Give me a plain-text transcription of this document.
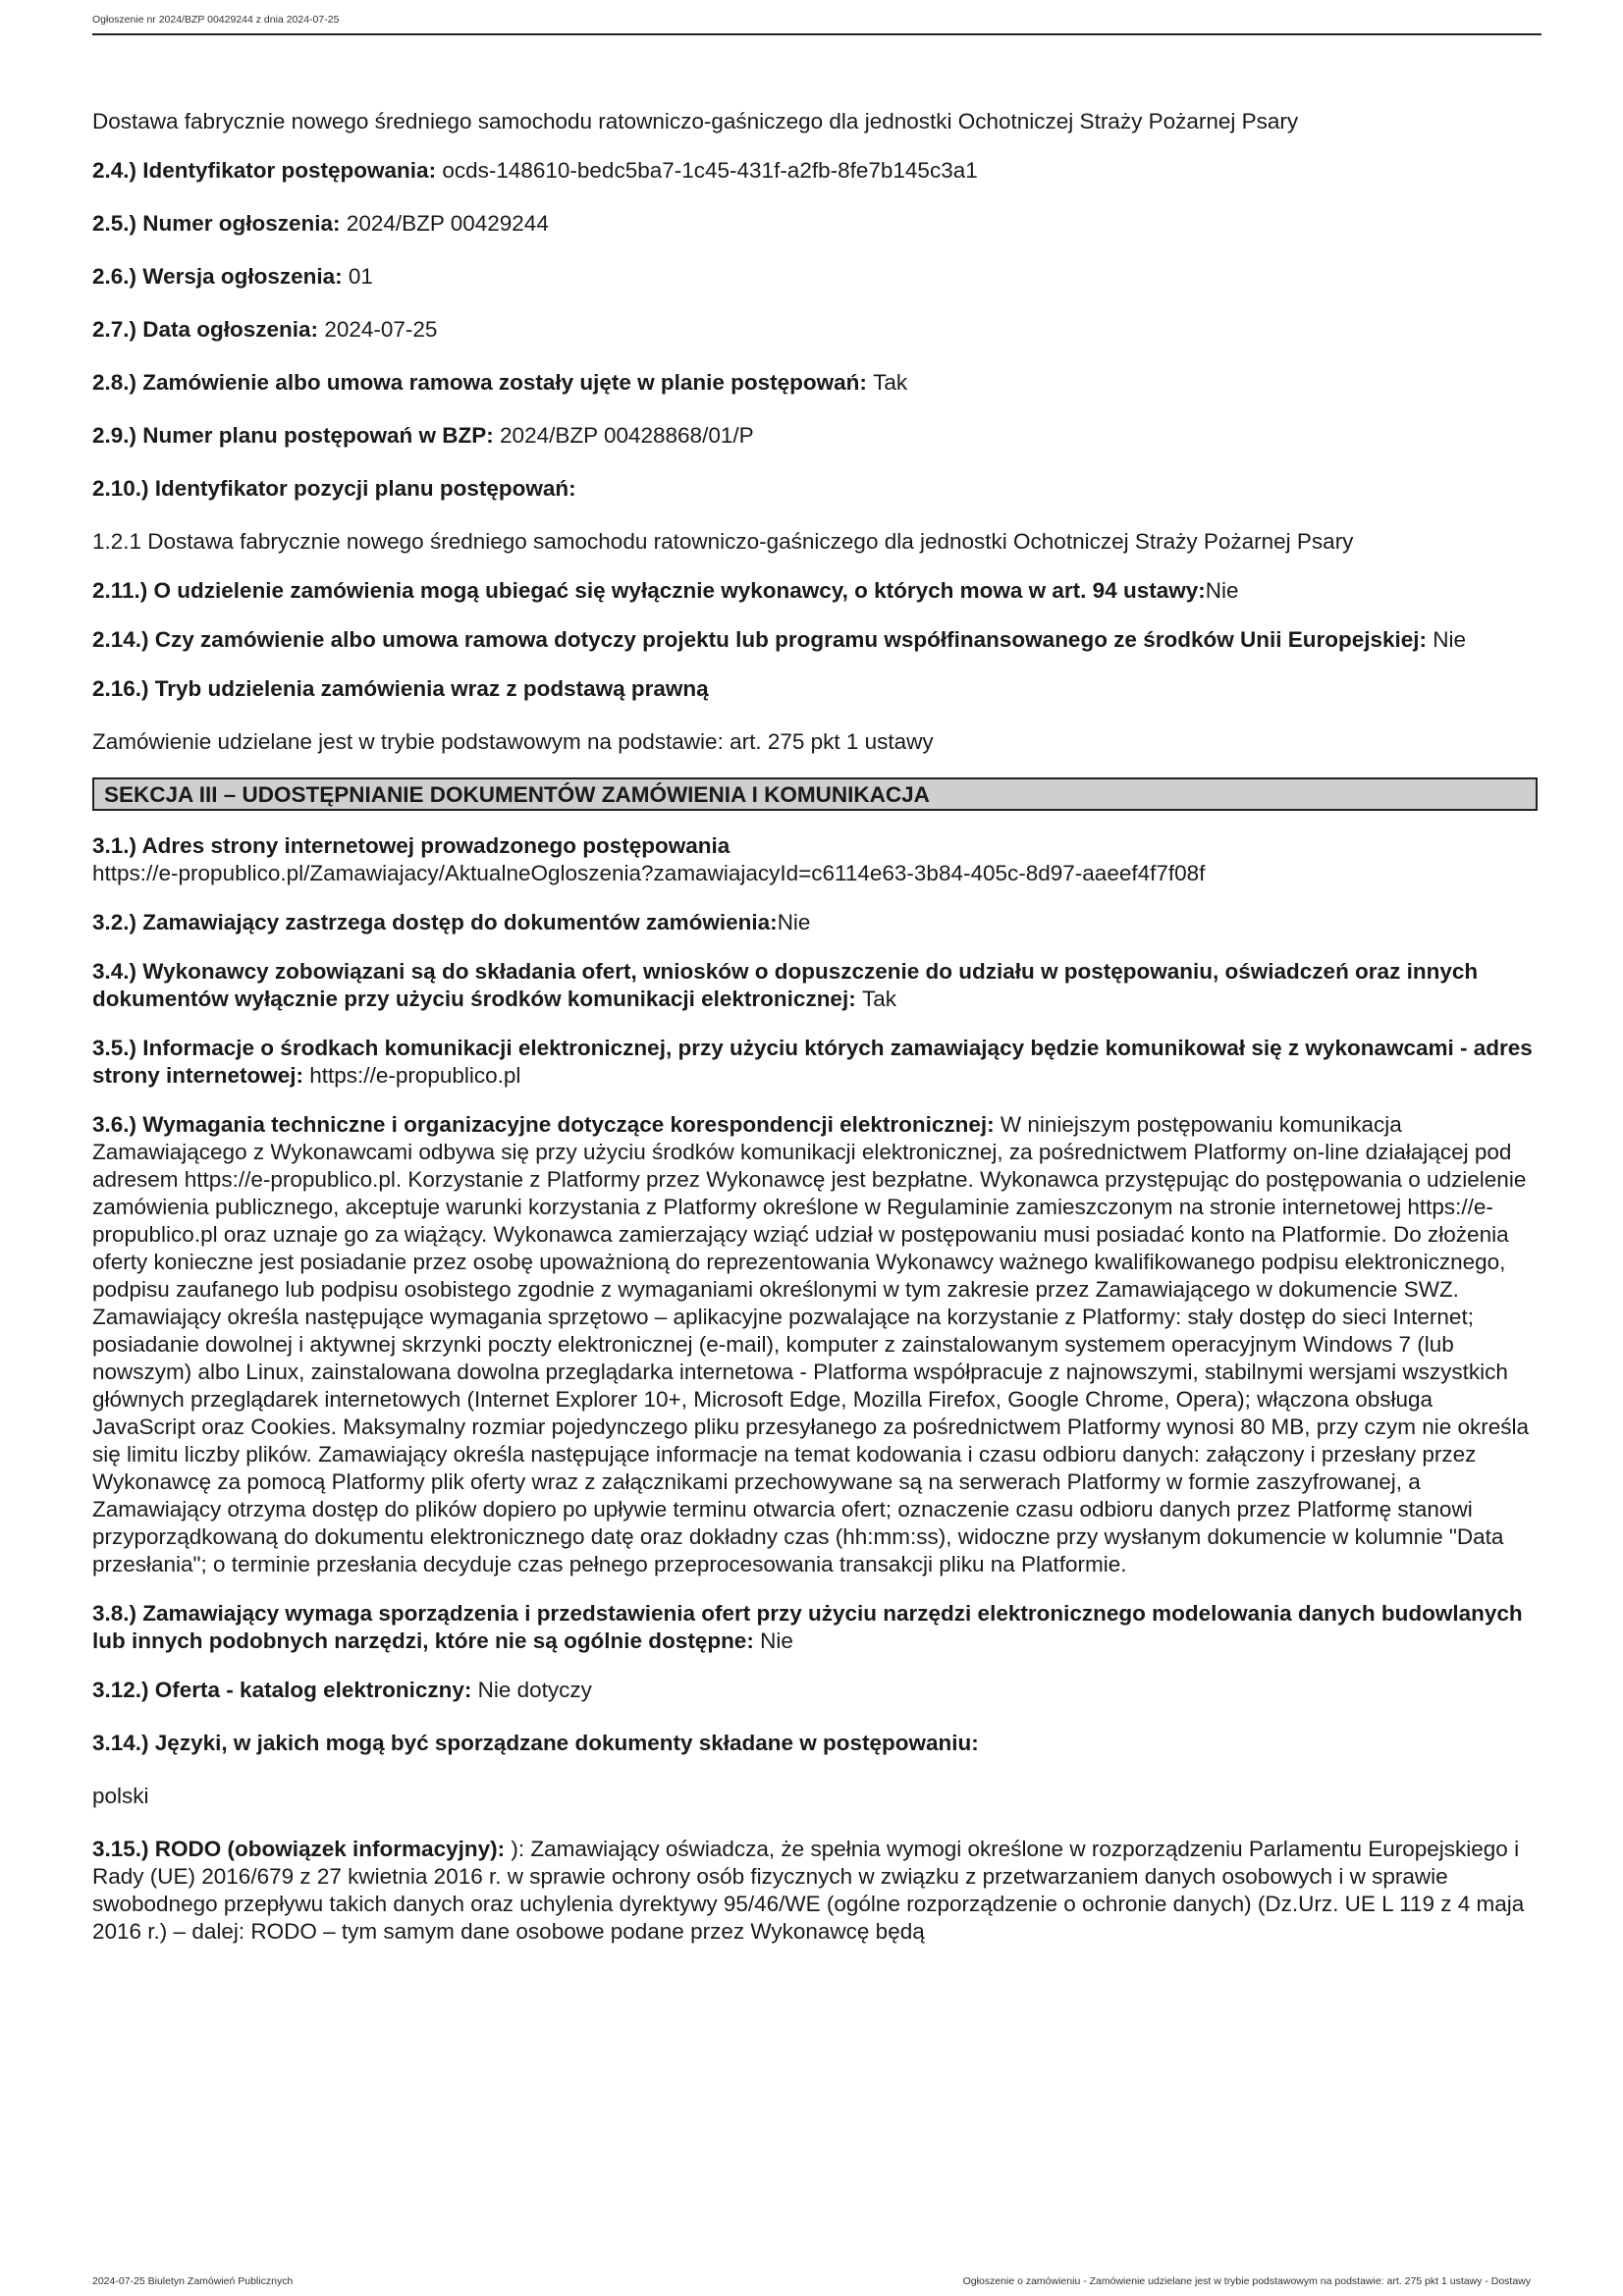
Ogłoszenie nr 2024/BZP 00429244 z dnia 2024-07-25

Dostawa fabrycznie nowego średniego samochodu ratowniczo-gaśniczego dla jednostki Ochotniczej Straży Pożarnej Psary

2.4.) Identyfikator postępowania: ocds-148610-bedc5ba7-1c45-431f-a2fb-8fe7b145c3a1

2.5.) Numer ogłoszenia: 2024/BZP 00429244

2.6.) Wersja ogłoszenia: 01

2.7.) Data ogłoszenia: 2024-07-25

2.8.) Zamówienie albo umowa ramowa zostały ujęte w planie postępowań: Tak

2.9.) Numer planu postępowań w BZP: 2024/BZP 00428868/01/P

2.10.) Identyfikator pozycji planu postępowań:

1.2.1 Dostawa fabrycznie nowego średniego samochodu ratowniczo-gaśniczego dla jednostki Ochotniczej Straży Pożarnej Psary

2.11.) O udzielenie zamówienia mogą ubiegać się wyłącznie wykonawcy, o których mowa w art. 94 ustawy:Nie

2.14.) Czy zamówienie albo umowa ramowa dotyczy projektu lub programu współfinansowanego ze środków Unii Europejskiej: Nie

2.16.) Tryb udzielenia zamówienia wraz z podstawą prawną

Zamówienie udzielane jest w trybie podstawowym na podstawie: art. 275 pkt 1 ustawy

SEKCJA III – UDOSTĘPNIANIE DOKUMENTÓW ZAMÓWIENIA I KOMUNIKACJA

3.1.) Adres strony internetowej prowadzonego postępowania
https://e-propublico.pl/Zamawiajacy/AktualneOgloszenia?zamawiajacyId=c6114e63-3b84-405c-8d97-aaeef4f7f08f

3.2.) Zamawiający zastrzega dostęp do dokumentów zamówienia:Nie

3.4.) Wykonawcy zobowiązani są do składania ofert, wniosków o dopuszczenie do udziału w postępowaniu, oświadczeń oraz innych dokumentów wyłącznie przy użyciu środków komunikacji elektronicznej: Tak

3.5.) Informacje o środkach komunikacji elektronicznej, przy użyciu których zamawiający będzie komunikował się z wykonawcami - adres strony internetowej: https://e-propublico.pl

3.6.) Wymagania techniczne i organizacyjne dotyczące korespondencji elektronicznej: W niniejszym postępowaniu komunikacja Zamawiającego z Wykonawcami odbywa się przy użyciu środków komunikacji elektronicznej, za pośrednictwem Platformy on-line działającej pod adresem https://e-propublico.pl. Korzystanie z Platformy przez Wykonawcę jest bezpłatne. Wykonawca przystępując do postępowania o udzielenie zamówienia publicznego, akceptuje warunki korzystania z Platformy określone w Regulaminie zamieszczonym na stronie internetowej https://e-propublico.pl oraz uznaje go za wiążący. Wykonawca zamierzający wziąć udział w postępowaniu musi posiadać konto na Platformie. Do złożenia oferty konieczne jest posiadanie przez osobę upoważnioną do reprezentowania Wykonawcy ważnego kwalifikowanego podpisu elektronicznego, podpisu zaufanego lub podpisu osobistego zgodnie z wymaganiami określonymi w tym zakresie przez Zamawiającego w dokumencie SWZ. Zamawiający określa następujące wymagania sprzętowo – aplikacyjne pozwalające na korzystanie z Platformy: stały dostęp do sieci Internet; posiadanie dowolnej i aktywnej skrzynki poczty elektronicznej (e-mail), komputer z zainstalowanym systemem operacyjnym Windows 7 (lub nowszym) albo Linux, zainstalowana dowolna przeglądarka internetowa - Platforma współpracuje z najnowszymi, stabilnymi wersjami wszystkich głównych przeglądarek internetowych (Internet Explorer 10+, Microsoft Edge, Mozilla Firefox, Google Chrome, Opera); włączona obsługa JavaScript oraz Cookies. Maksymalny rozmiar pojedynczego pliku przesyłanego za pośrednictwem Platformy wynosi 80 MB, przy czym nie określa się limitu liczby plików. Zamawiający określa następujące informacje na temat kodowania i czasu odbioru danych: załączony i przesłany przez Wykonawcę za pomocą Platformy plik oferty wraz z załącznikami przechowywane są na serwerach Platformy w formie zaszyfrowanej, a Zamawiający otrzyma dostęp do plików dopiero po upływie terminu otwarcia ofert; oznaczenie czasu odbioru danych przez Platformę stanowi przyporządkowaną do dokumentu elektronicznego datę oraz dokładny czas (hh:mm:ss), widoczne przy wysłanym dokumencie w kolumnie "Data przesłania"; o terminie przesłania decyduje czas pełnego przeprocesowania transakcji pliku na Platformie.

3.8.) Zamawiający wymaga sporządzenia i przedstawienia ofert przy użyciu narzędzi elektronicznego modelowania danych budowlanych lub innych podobnych narzędzi, które nie są ogólnie dostępne: Nie

3.12.) Oferta - katalog elektroniczny: Nie dotyczy

3.14.) Języki, w jakich mogą być sporządzane dokumenty składane w postępowaniu:

polski

3.15.) RODO (obowiązek informacyjny): ): Zamawiający oświadcza, że spełnia wymogi określone w rozporządzeniu Parlamentu Europejskiego i Rady (UE) 2016/679 z 27 kwietnia 2016 r. w sprawie ochrony osób fizycznych w związku z przetwarzaniem danych osobowych i w sprawie swobodnego przepływu takich danych oraz uchylenia dyrektywy 95/46/WE (ogólne rozporządzenie o ochronie danych) (Dz.Urz. UE L 119 z 4 maja 2016 r.) – dalej: RODO – tym samym dane osobowe podane przez Wykonawcę będą

2024-07-25 Biuletyn Zamówień Publicznych	Ogłoszenie o zamówieniu - Zamówienie udzielane jest w trybie podstawowym na podstawie: art. 275 pkt 1 ustawy - Dostawy
